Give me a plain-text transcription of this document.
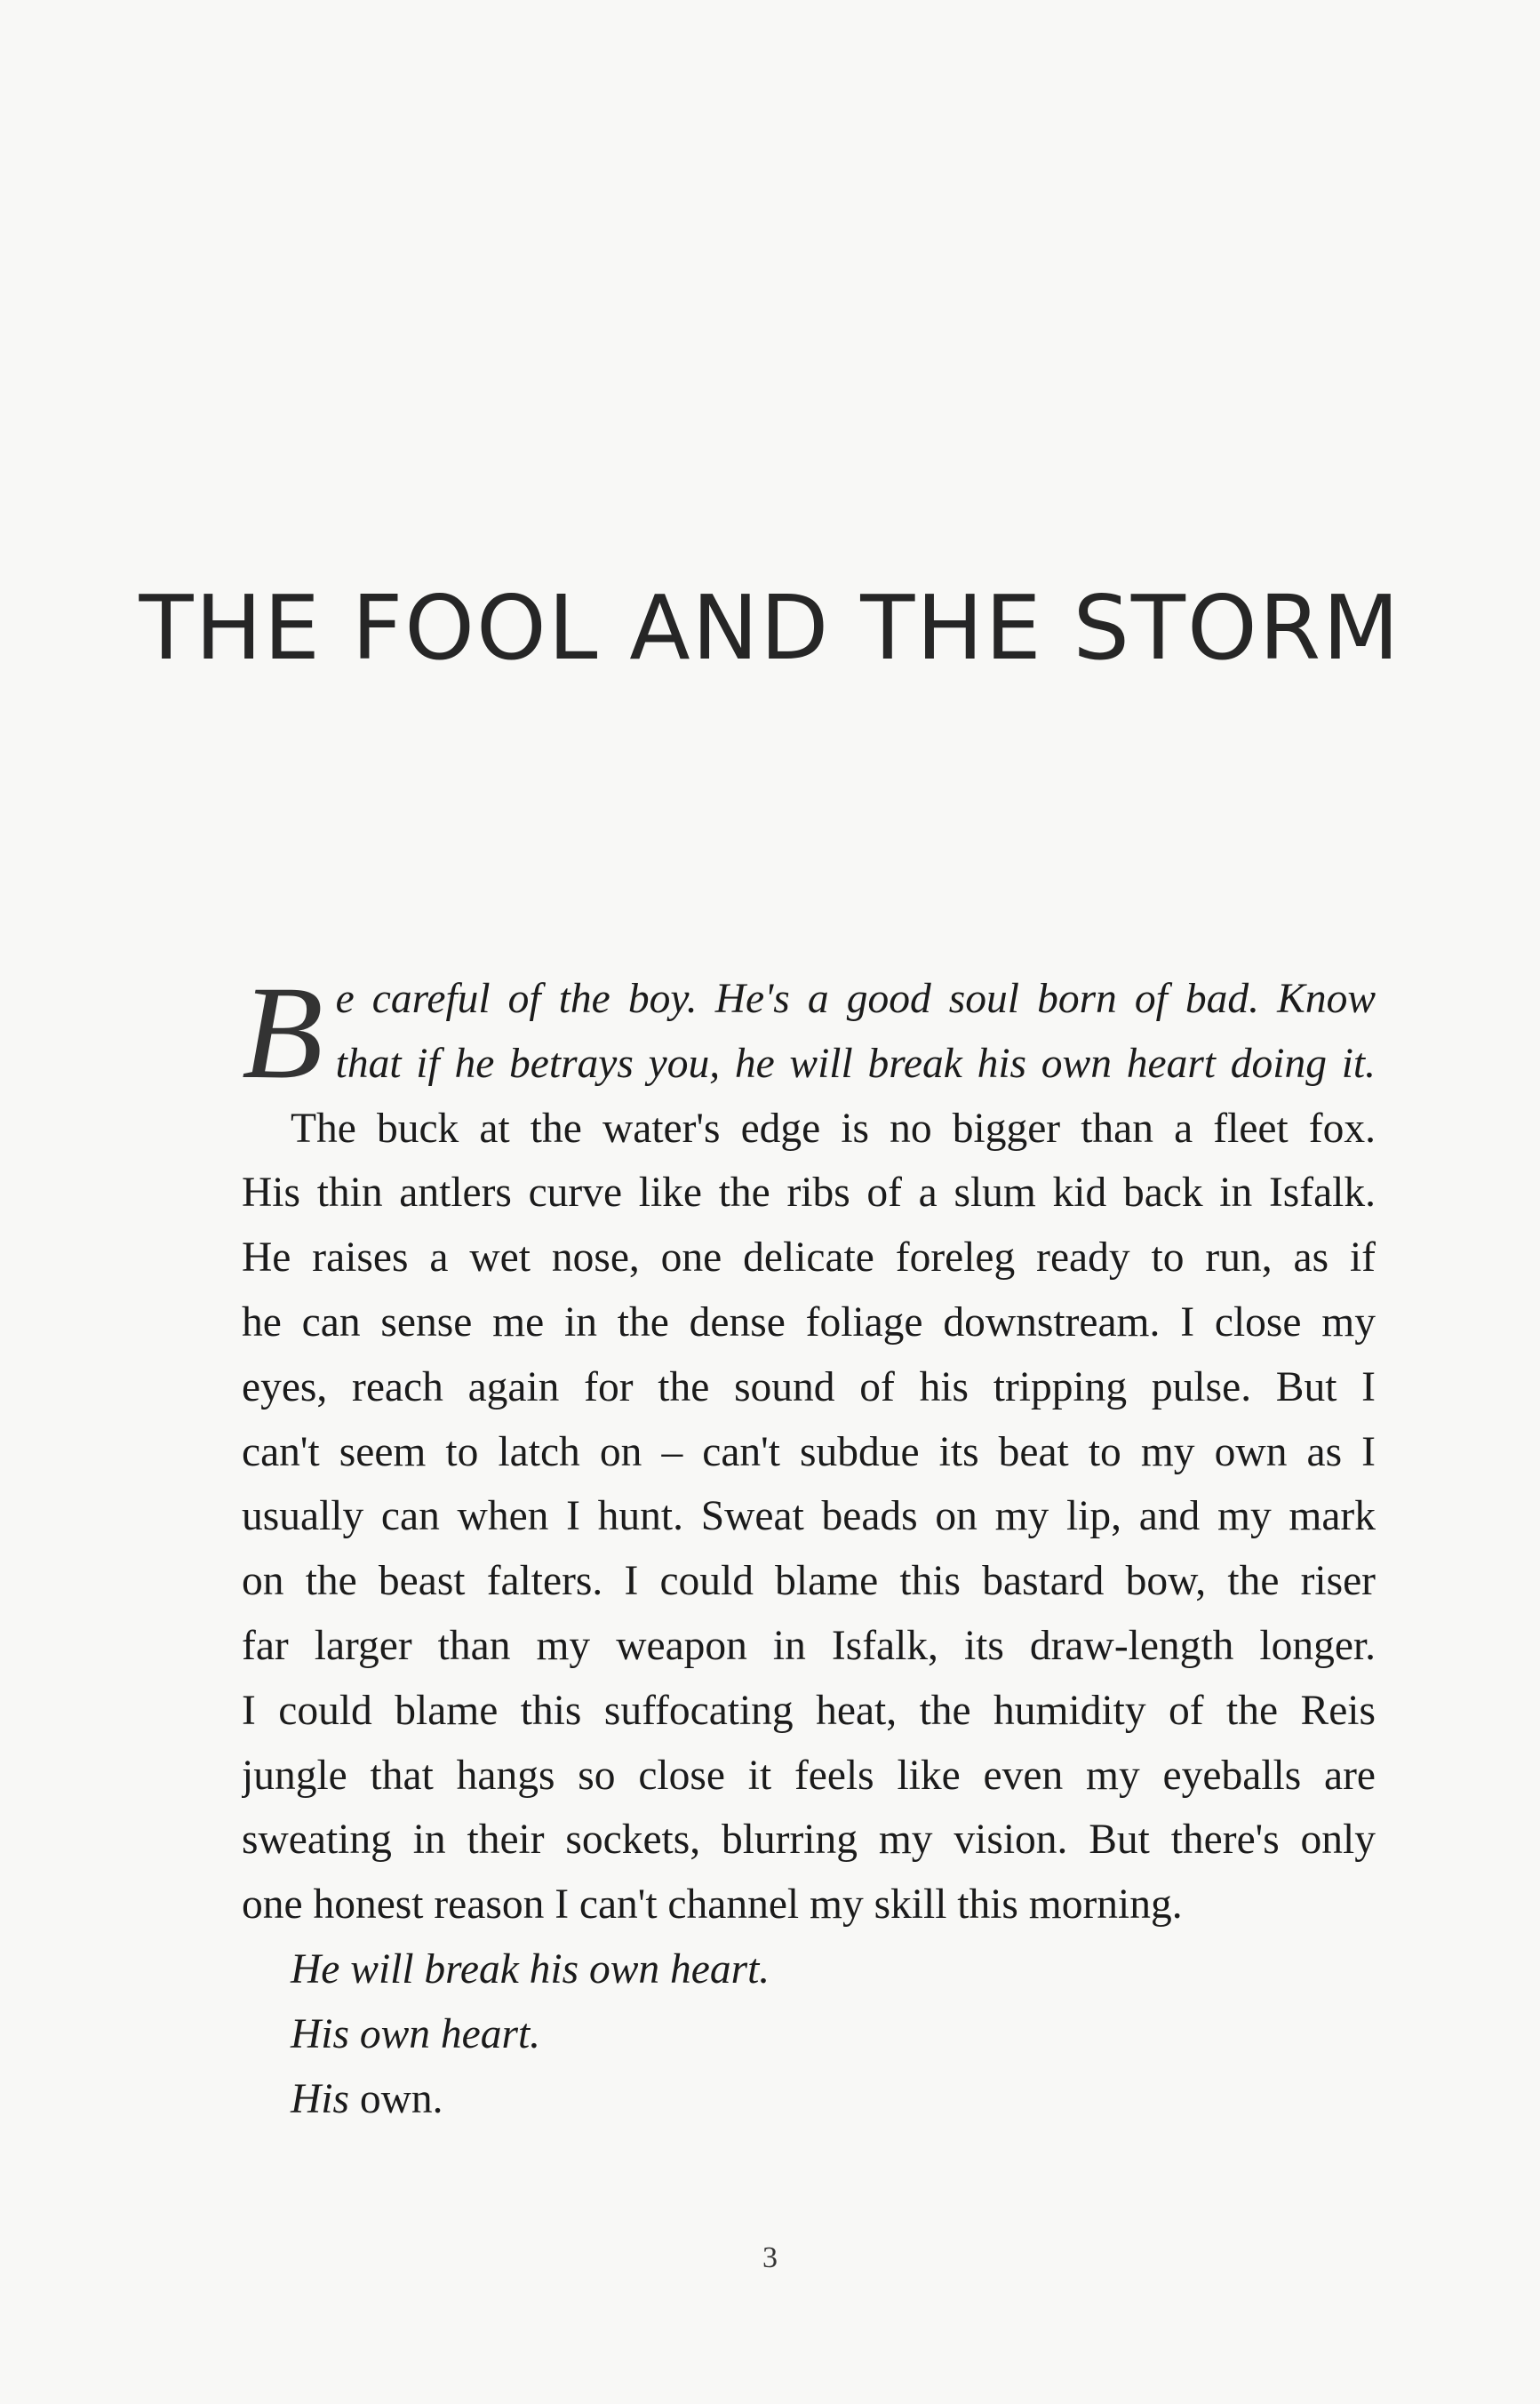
THE FOOL AND THE STORM
B e careful of the boy. He's a good soul born of bad. Know

that if he betrays you, he will break his own heart doing it.

The buck at the water's edge is no bigger than a fleet fox.

His thin antlers curve like the ribs of a slum kid back in Isfalk.

He raises a wet nose, one delicate foreleg ready to run, as if

he can sense me in the dense foliage downstream. I close my

eyes, reach again for the sound of his tripping pulse. But I

can't seem to latch on – can't subdue its beat to my own as I

usually can when I hunt. Sweat beads on my lip, and my mark

on the beast falters. I could blame this bastard bow, the riser

far larger than my weapon in Isfalk, its draw-length longer.

I could blame this suffocating heat, the humidity of the Reis

jungle that hangs so close it feels like even my eyeballs are

sweating in their sockets, blurring my vision. But there's only

one honest reason I can't channel my skill this morning.

He will break his own heart.

His own heart.

His own.

3
